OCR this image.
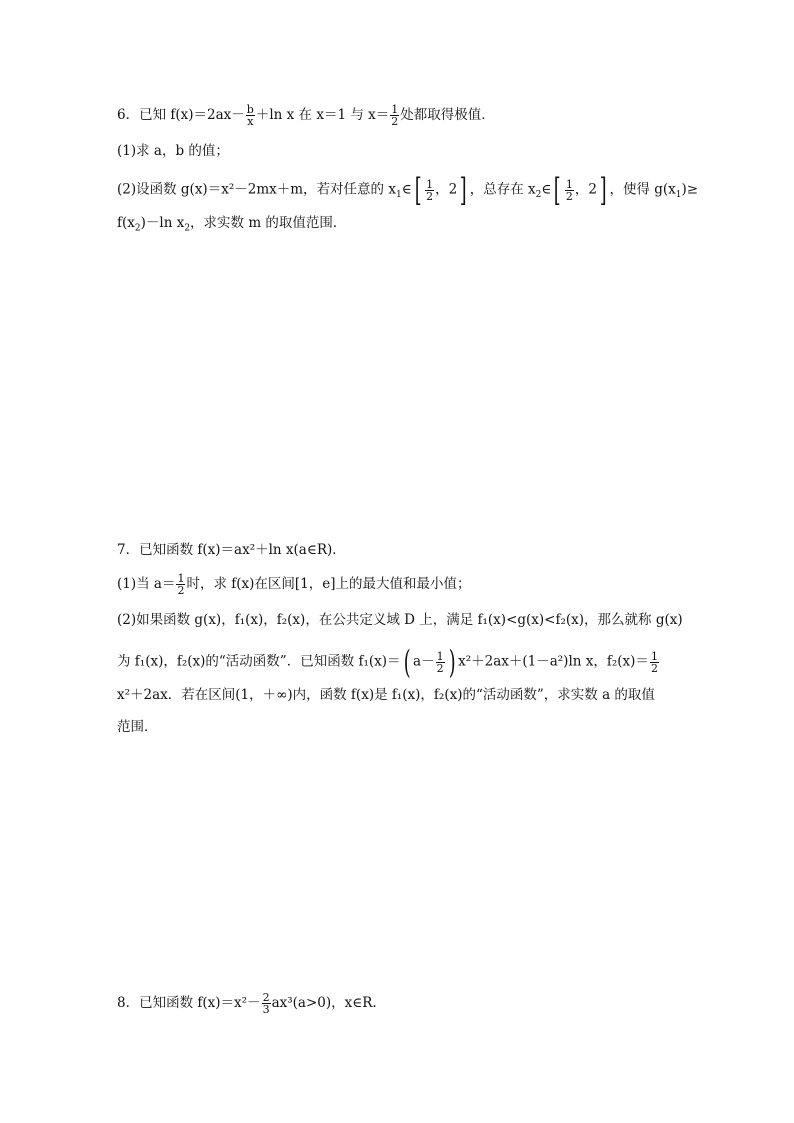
6．已知 $f(x)=2ax- \frac{b}{x} +\ln$ x 在 x＝1 与 $x= \frac{1}{2}$ 处都取得极值．
(1)求 a，b 的值；
(2)设函数 g(x)＝x²－2mx＋m，若对任意的 $x_1\in[ \frac{1}{2}$ ，2] ，总存在 $x_2\in[ \frac{1}{2}$ ，2] ，使得 $g(x_1)\ge$
$f(x_2)-\ln$ $x_2$，求实数 m 的取值范围．
7．已知函数 f(x)＝ax²＋ln x(a∈R)．
(1)当 $a= \frac{1}{2}$ 时，求 f(x)在区间[1，e]上的最大值和最小值；
(2)如果函数 g(x)，f₁(x)，f₂(x)，在公共定义域 D 上，满足 f₁(x)<g(x)<f₂(x)，那么就称 g(x)
为 f₁(x)，f₂(x)的“活动函数”．已知函数 f₁(x)＝( $a- \frac{1}{2}$ ) x²＋2ax＋(1－a²)ln x，$f_2(x)= \frac{1}{2}$
x²＋2ax．若在区间(1，＋∞)内，函数 f(x)是 f₁(x)，f₂(x)的“活动函数”，求实数 a 的取值
范围．
8．已知函数 $f(x)=x^2- \frac{2}{3} ax^3(a>0)$，x∈R.
